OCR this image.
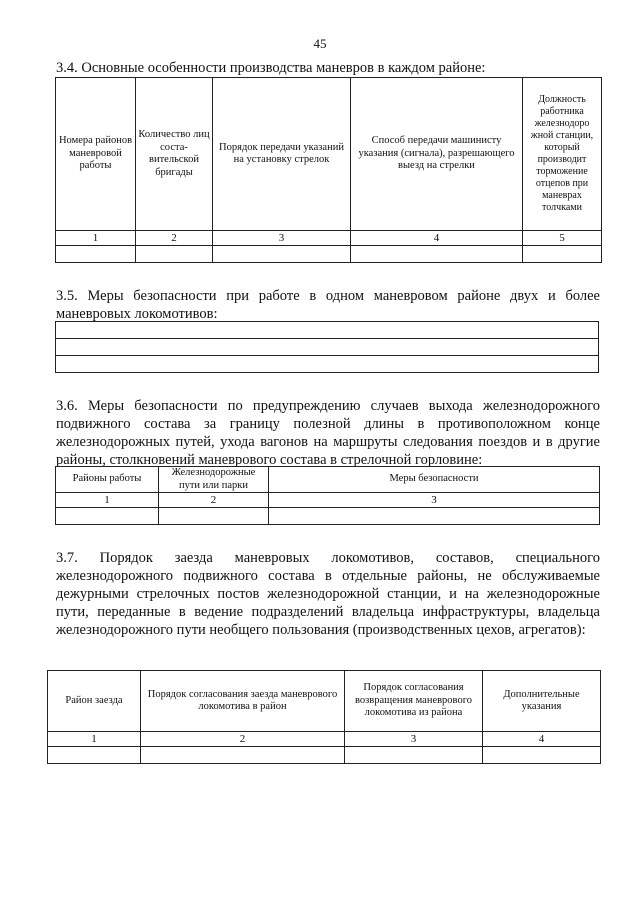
45
3.4. Основные особенности производства маневров в каждом районе:
Номера районов маневровой работы	Количество лиц соста-вительской бригады	Порядок передачи указаний на установку стрелок	Способ передачи машинисту указания (сигнала), разрешающего выезд на стрелки	Должность работника железнодоро жной станции, который производит торможение отцепов при маневрах толчками
1	2	3	4	5

3.5. Меры безопасности при работе в одном маневровом районе двух и более маневровых локомотивов:
3.6. Меры безопасности по предупреждению случаев выхода железнодорожного подвижного состава за границу полезной длины в противоположном конце железнодорожных путей, ухода вагонов на маршруты следования поездов и в другие районы, столкновений маневрового состава в стрелочной горловине:
Районы работы	Железнодорожные пути или парки	Меры безопасности
1	2	3

3.7. Порядок заезда маневровых локомотивов, составов, специального железнодорожного подвижного состава в отдельные районы, не обслуживаемые дежурными стрелочных постов железнодорожной станции, и на железнодорожные пути, переданные в ведение подразделений владельца инфраструктуры, владельца железнодорожного пути необщего пользования (производственных цехов, агрегатов):
Район заезда	Порядок согласования заезда маневрового локомотива в район	Порядок согласования возвращения маневрового локомотива из района	Дополнительные указания
1	2	3	4
